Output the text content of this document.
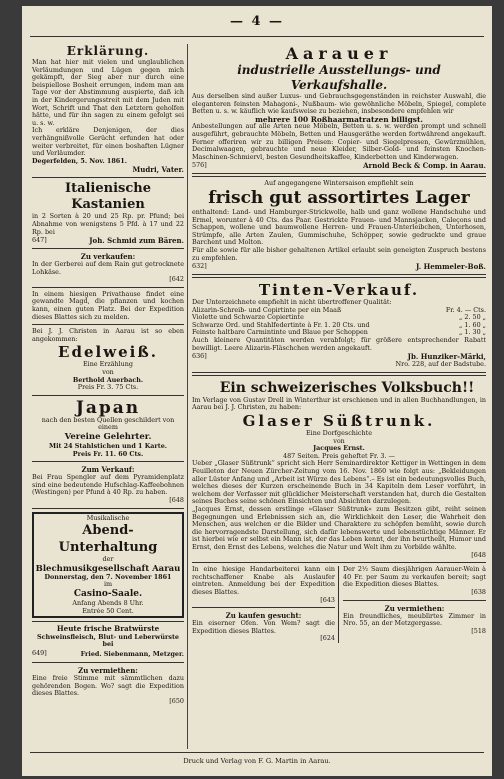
— 4 —
Erklärung.

Man hat hier mit vielen und unglaublichen Verläumdungen und Lügen gegen mich gekämpft, der Sieg aber nur durch eine beispiellose Bosheit errungen, indem man am Tage vor der Abstimmung auspierte, daß ich in der Kindergerungsstreit mit dem Juden mit Wort, Schrift und That den Letztern geholfen hätte, und für ihn sagen zu einem gefolgt sei u. s. w.

Ich erkläre Denjenigen, der dies verhängnißvolle Gerücht erfunden hat oder weiter verbreitet, für einen boshaften Lügner und Verläumder.

Degerfelden, 5. Nov. 1861.

Mudri, Vater.
Italienische Kastanien

in 2 Sorten à 20 und 25 Rp. pr. Pfund; bei Abnahme von wenigstens 5 Pfd. à 17 und 22 Rp. bei

647]	Joh. Schmid zum Bären.
Zu verkaufen:

In der Gerberei auf dem Rain gut getrocknete Lohkäse.

[642

In einem hiesigen Privathause findet eine gewandte Magd, die pflanzen und kochen kann, einen guten Platz. Bei der Expedition dieses Blattes sich zu melden.

Bei J. J. Christen in Aarau ist so eben angekommen:

Edelweiß.

Eine Erzählung

von

Berthold Auerbach.

Preis Fr. 3. 75 Cts.

Japan

nach den besten Quellen geschildert von einem

Vereine Gelehrter.

Mit 24 Stahlstichen und 1 Karte.

Preis Fr. 11. 60 Cts.

Zum Verkauf:

Bei Frau Spengler auf dem Pyramidenplatz sind eine bedeutende Hufschlag-Kaffeebohnen (Westingen) per Pfund à 40 Rp. zu haben.

[648
Musikalische
Abend-Unterhaltung
der
Blechmusikgesellschaft Aarau
Donnerstag, den 7. November 1861
im
Casino-Saale.
Anfang Abends 8 Uhr.
Entrée 50 Cent.
Heute frische Bratwürste

Schweinsfleisch, Blut- und Leberwürste bei

649]	Fried. Siebenmann, Metzger.
Zu vermiethen:

Eine freie Stimme mit sämmtlichen dazu gehörenden Bogen. Wo? sagt die Expedition dieses Blattes.

[650
Aarauer
industrielle Ausstellungs- und Verkaufshalle.

Aus derselben sind außer Luxus- und Gebrauchsgegenständen in reichster Auswahl, die eleganteren feinsten Mahagoni-, Nußbaum- wie gewöhnliche Möbeln, Spiegel, complete Betten u. s. w. käuflich wie kaufsweise zu beziehen, insbesondere empfehlen wir

mehrere 100 Roßhaarmatratzen billigst.

Anbestellungen auf alle Arten neue Möbeln, Betten u. s. w. werden prompt und schnell ausgeführt, gebrauchte Möbeln, Betten und Hausgeräthe werden fortwährend angekauft. Ferner offeriren wir zu billigen Preisen: Copier- und Siegelpressen, Gewürzmühlen, Decimalwaagen, gebrauchte und neue Kleider, Silber-Gold- und feinsten Knochen-Maschinen-Schmiervl, besten Gesundheitskaffee, Kinderbetten und Kinderwagen.

576]	Arnold Beck & Comp. in Aarau.

Auf angegangene Wintersaison empfiehlt sein

frisch gut assortirtes Lager

enthaltend: Land- und Hamburger-Strickwolle, halb und ganz wollene Handschuhe und Ermel, worunter à 40 Cts. das Paar. Gestrickte Frauen- und Mannsjacken, Caleçons und Schappen, wollene und baumwollene Herren- und Frauen-Unterleibchen, Unterhosen, Strümpfe, alle Arten Zaulen, Gummischuhe, Schöpper, sowie gedruckte und graue Barchent und Molton.

Für alle sowie für alle bisher gehaltenen Artikel erlaubt sein geneigten Zuspruch bestens zu empfehlen.

632]	J. Hemmeler-Boß.
Tinten-Verkauf.

Der Unterzeichnete empfiehlt in nicht übertroffener Qualität:

Alizarin-Schreib- und Copirtinte per ein Maaß	Fr. 4. — Cts.
Violette und Schwarze Copiertinte	„ 2. 50 „
Schwarze Ord. und Stahlfedertinte à Fr. 1. 20 Cts. und	„ 1. 60 „
Feinste haltbare Carmintinte und Blaue per Schoppen	„ 1. 30 „

Auch kleinere Quantitäten werden verabfolgt; für größere entsprechender Rabatt bewilligt. Leere Alizarin-Fläschchen werden angekauft.

636]	Jb. Hunziker-Märki,
Nro. 228, auf der Badstube.
Ein schweizerisches Volksbuch!!

Im Verlage von Gustav Drell in Winterthur ist erschienen und in allen Buchhandlungen, in Aarau bei J. J. Christen, zu haben:

Glaser Süßtrunk.

Eine Dorfgeschichte

von

Jacques Ernst.

487 Seiten. Preis geheftet Fr. 3. —

Ueber „Glaser Süßtrunk“ spricht sich Herr Seminardirektor Kettiger in Wettingen in dem Feuilleton der Neuen Zürcher-Zeitung vom 16. Nov. 1860 wie folgt aus: „Bekleidungen aller Lüster Anfang und „Arbeit ist Würze des Lebens“.– Es ist ein bedeutungsvolles Buch, welches dieses der Kurzen erscheinende Buch in 34 Kapiteln dem Leser vorführt, in welchem der Verfasser mit glücklicher Meisterschaft verstanden hat, durch die Gestalten seines Buches seine schönen Einsichten und Absichten darzulegen.

„Jacques Ernst, dessen erstlinge »Glaser Süßtrunk« zum Besitzen gibt, reiht seinen Begegnungen und Erlebnissen sich an, die Wirklichkeit den Leser, die Wahrheit den Menschen, aus welchen er die Bilder und Charaktere zu schöpfen bemüht, sowie durch die hervorragendste Darstellung, sich dafür lebenswerte und lebenstüchtige Männer. Er ist hierbei wie er selbst ein Mann ist, der das Leben kennt, der ihn beurtheilt, Humor und Ernst, den Ernst des Lebens, welches die Natur und Welt ihm zu Vorbilde wählte.

[648

In eine hiesige Handarbeiterei kann ein rechtschaffener Knabe als Auslaufer eintreten. Anmeldung bei der Expedition dieses Blattes.

[643
Zu kaufen gesucht:

Ein eiserner Ofen. Von Wem? sagt die Expedition dieses Blattes.

[624

Der 2½ Saum diesjährigen Aarauer-Wein à 40 Fr. per Saum zu verkaufen bereit; sagt die Expedition dieses Blattes.

[638
Zu vermiethen:

Ein freundliches, meublirtes Zimmer in Nro. 55, an der Metzgergasse.

[518
Druck und Verlag von F. G. Martin in Aarau.
